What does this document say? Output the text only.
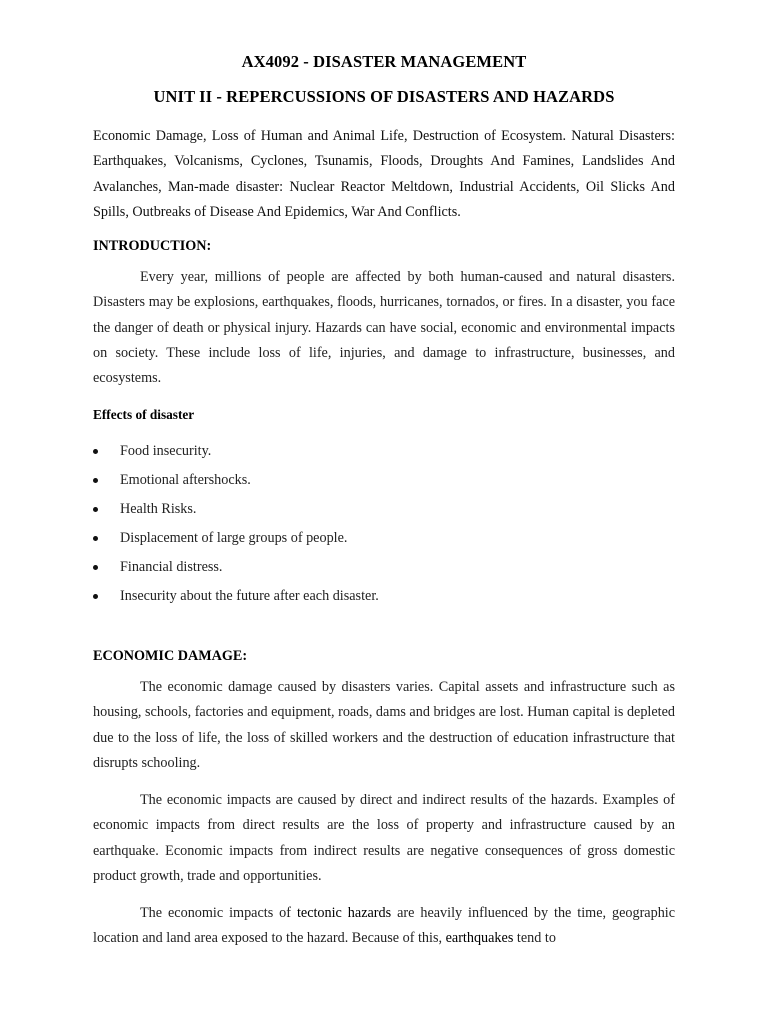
AX4092 - DISASTER MANAGEMENT
UNIT II - REPERCUSSIONS OF DISASTERS AND HAZARDS
Economic Damage, Loss of Human and Animal Life, Destruction of Ecosystem. Natural Disasters: Earthquakes, Volcanisms, Cyclones, Tsunamis, Floods, Droughts And Famines, Landslides And Avalanches, Man-made disaster: Nuclear Reactor Meltdown, Industrial Accidents, Oil Slicks And Spills, Outbreaks of Disease And Epidemics, War And Conflicts.
INTRODUCTION:
Every year, millions of people are affected by both human-caused and natural disasters. Disasters may be explosions, earthquakes, floods, hurricanes, tornados, or fires. In a disaster, you face the danger of death or physical injury. Hazards can have social, economic and environmental impacts on society. These include loss of life, injuries, and damage to infrastructure, businesses, and ecosystems.
Effects of disaster
Food insecurity.
Emotional aftershocks.
Health Risks.
Displacement of large groups of people.
Financial distress.
Insecurity about the future after each disaster.
ECONOMIC DAMAGE:
The economic damage caused by disasters varies. Capital assets and infrastructure such as housing, schools, factories and equipment, roads, dams and bridges are lost. Human capital is depleted due to the loss of life, the loss of skilled workers and the destruction of education infrastructure that disrupts schooling.
The economic impacts are caused by direct and indirect results of the hazards. Examples of economic impacts from direct results are the loss of property and infrastructure caused by an earthquake. Economic impacts from indirect results are negative consequences of gross domestic product growth, trade and opportunities.
The economic impacts of tectonic hazards are heavily influenced by the time, geographic location and land area exposed to the hazard. Because of this, earthquakes tend to
